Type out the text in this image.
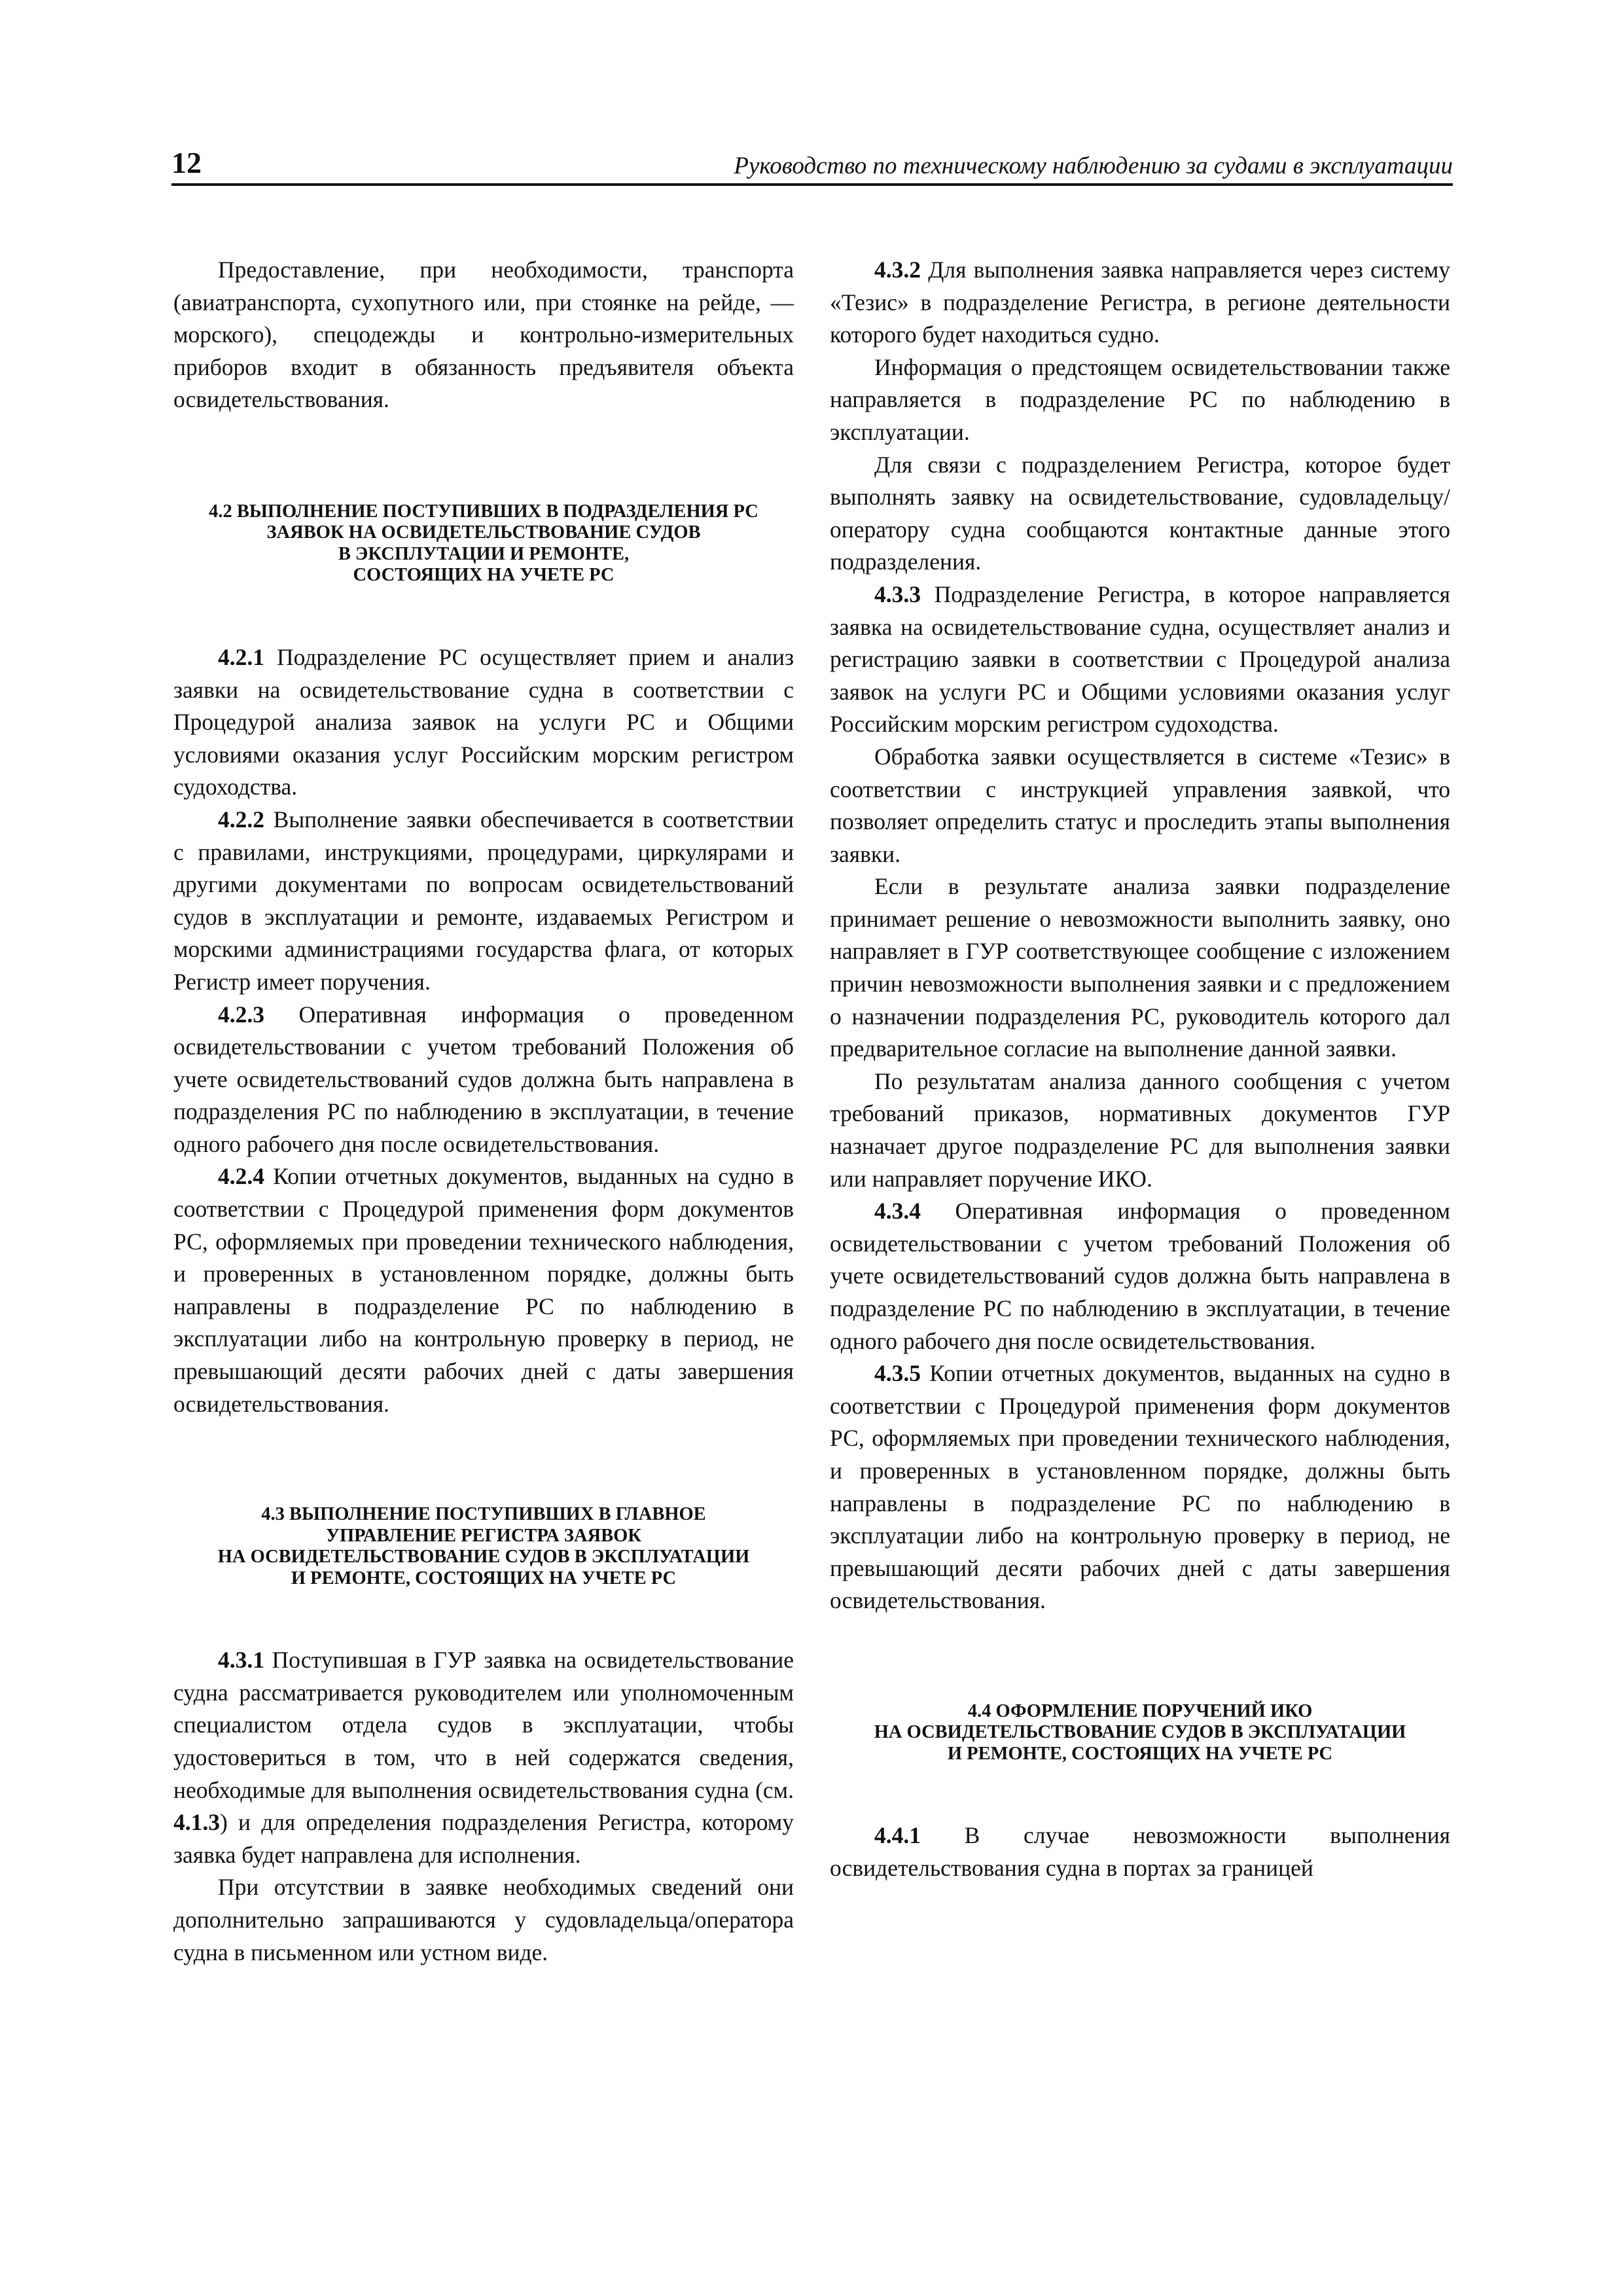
12	Руководство по техническому наблюдению за судами в эксплуатации

Предоставление, при необходимости, транспорта (авиатранспорта, сухопутного или, при стоянке на рейде, — морского), спецодежды и контрольно-измерительных приборов входит в обязанность предъявителя объекта освидетельствования.

4.2 ВЫПОЛНЕНИЕ ПОСТУПИВШИХ В ПОДРАЗДЕЛЕНИЯ РС
ЗАЯВОК НА ОСВИДЕТЕЛЬСТВОВАНИЕ СУДОВ
В ЭКСПЛУТАЦИИ И РЕМОНТЕ,
СОСТОЯЩИХ НА УЧЕТЕ РС

4.2.1 Подразделение РС осуществляет прием и анализ заявки на освидетельствование судна в соответствии с Процедурой анализа заявок на услуги РС и Общими условиями оказания услуг Российским морским регистром судоходства.

4.2.2 Выполнение заявки обеспечивается в соответствии с правилами, инструкциями, процедурами, циркулярами и другими документами по вопросам освидетельствований судов в эксплуатации и ремонте, издаваемых Регистром и морскими администрациями государства флага, от которых Регистр имеет поручения.

4.2.3 Оперативная информация о проведенном освидетельствовании с учетом требований Положения об учете освидетельствований судов должна быть направлена в подразделения РС по наблюдению в эксплуатации, в течение одного рабочего дня после освидетельствования.

4.2.4 Копии отчетных документов, выданных на судно в соответствии с Процедурой применения форм документов РС, оформляемых при проведении технического наблюдения, и проверенных в установленном порядке, должны быть направлены в подразделение РС по наблюдению в эксплуатации либо на контрольную проверку в период, не превышающий десяти рабочих дней с даты завершения освидетельствования.

4.3 ВЫПОЛНЕНИЕ ПОСТУПИВШИХ В ГЛАВНОЕ
УПРАВЛЕНИЕ РЕГИСТРА ЗАЯВОК
НА ОСВИДЕТЕЛЬСТВОВАНИЕ СУДОВ В ЭКСПЛУАТАЦИИ
И РЕМОНТЕ, СОСТОЯЩИХ НА УЧЕТЕ РС

4.3.1 Поступившая в ГУР заявка на освидетельствование судна рассматривается руководителем или уполномоченным специалистом отдела судов в эксплуатации, чтобы удостовериться в том, что в ней содержатся сведения, необходимые для выполнения освидетельствования судна (см. 4.1.3) и для определения подразделения Регистра, которому заявка будет направлена для исполнения.

При отсутствии в заявке необходимых сведений они дополнительно запрашиваются у судовладельца/оператора судна в письменном или устном виде.

4.3.2 Для выполнения заявка направляется через систему «Тезис» в подразделение Регистра, в регионе деятельности которого будет находиться судно.

Информация о предстоящем освидетельствовании также направляется в подразделение РС по наблюдению в эксплуатации.

Для связи с подразделением Регистра, которое будет выполнять заявку на освидетельствование, судовладельцу/оператору судна сообщаются контактные данные этого подразделения.

4.3.3 Подразделение Регистра, в которое направляется заявка на освидетельствование судна, осуществляет анализ и регистрацию заявки в соответствии с Процедурой анализа заявок на услуги РС и Общими условиями оказания услуг Российским морским регистром судоходства.

Обработка заявки осуществляется в системе «Тезис» в соответствии с инструкцией управления заявкой, что позволяет определить статус и проследить этапы выполнения заявки.

Если в результате анализа заявки подразделение принимает решение о невозможности выполнить заявку, оно направляет в ГУР соответствующее сообщение с изложением причин невозможности выполнения заявки и с предложением о назначении подразделения РС, руководитель которого дал предварительное согласие на выполнение данной заявки.

По результатам анализа данного сообщения с учетом требований приказов, нормативных документов ГУР назначает другое подразделение РС для выполнения заявки или направляет поручение ИКО.

4.3.4 Оперативная информация о проведенном освидетельствовании с учетом требований Положения об учете освидетельствований судов должна быть направлена в подразделение РС по наблюдению в эксплуатации, в течение одного рабочего дня после освидетельствования.

4.3.5 Копии отчетных документов, выданных на судно в соответствии с Процедурой применения форм документов РС, оформляемых при проведении технического наблюдения, и проверенных в установленном порядке, должны быть направлены в подразделение РС по наблюдению в эксплуатации либо на контрольную проверку в период, не превышающий десяти рабочих дней с даты завершения освидетельствования.

4.4 ОФОРМЛЕНИЕ ПОРУЧЕНИЙ ИКО
НА ОСВИДЕТЕЛЬСТВОВАНИЕ СУДОВ В ЭКСПЛУАТАЦИИ
И РЕМОНТЕ, СОСТОЯЩИХ НА УЧЕТЕ РС

4.4.1 В случае невозможности выполнения освидетельствования судна в портах за границей
